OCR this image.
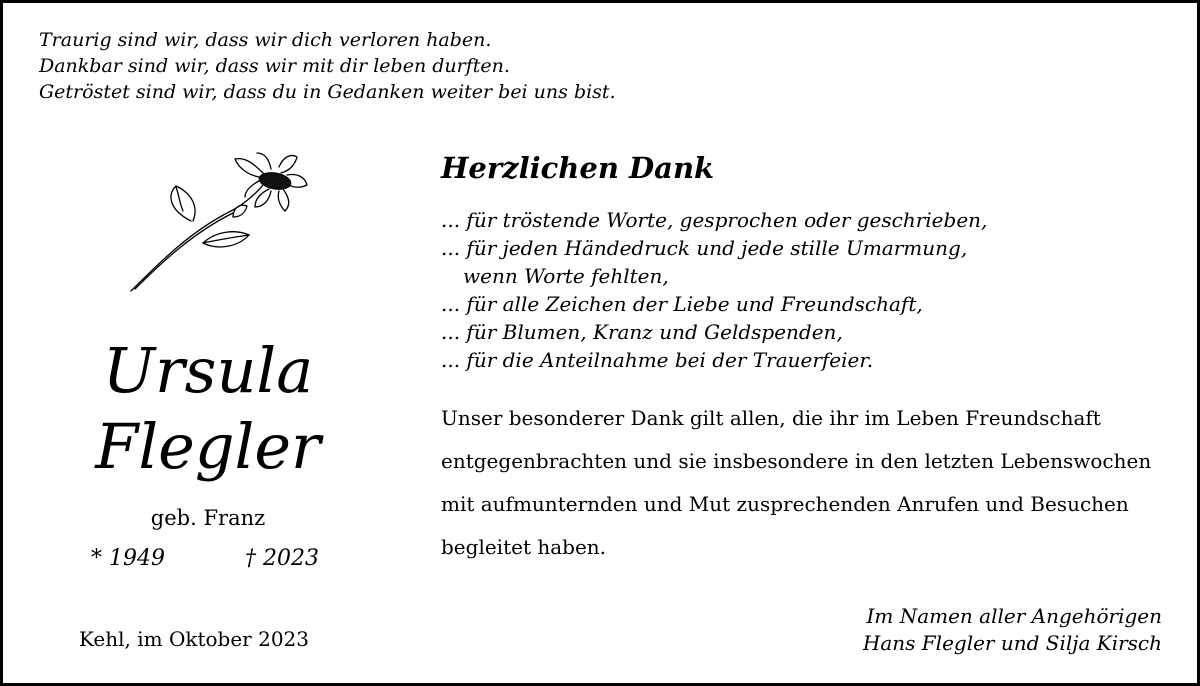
Traurig sind wir, dass wir dich verloren haben.
Dankbar sind wir, dass wir mit dir leben durften.
Getröstet sind wir, dass du in Gedanken weiter bei uns bist.
Ursula
Flegler
geb. Franz
* 1949	† 2023
Kehl, im Oktober 2023
Herzlichen Dank
... für tröstende Worte, gesprochen oder geschrieben,
... für jeden Händedruck und jede stille Umarmung,
wenn Worte fehlten,
... für alle Zeichen der Liebe und Freundschaft,
... für Blumen, Kranz und Geldspenden,
... für die Anteilnahme bei der Trauerfeier.
Unser besonderer Dank gilt allen, die ihr im Leben Freundschaft
entgegenbrachten und sie insbesondere in den letzten Lebenswochen
mit aufmunternden und Mut zusprechenden Anrufen und Besuchen
begleitet haben.
Im Namen aller Angehörigen
Hans Flegler und Silja Kirsch
